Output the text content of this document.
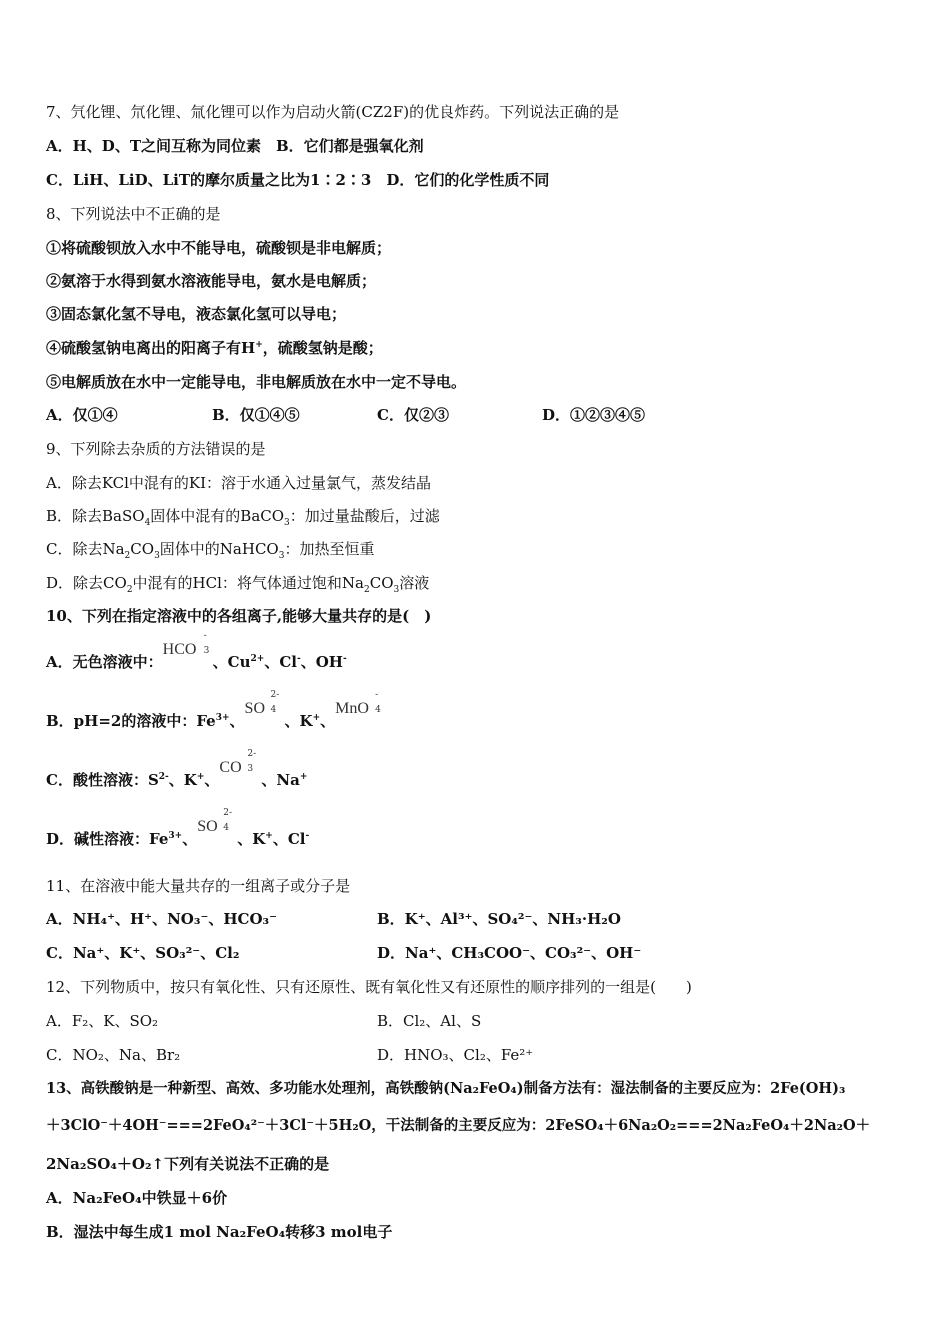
7、氕化锂、氘化锂、氚化锂可以作为启动火箭(CZ2F)的优良炸药。下列说法正确的是
A．H、D、T之间互称为同位素　B．它们都是强氧化剂
C．LiH、LiD、LiT的摩尔质量之比为1∶2∶3　D．它们的化学性质不同
8、下列说法中不正确的是
①将硫酸钡放入水中不能导电，硫酸钡是非电解质；
②氨溶于水得到氨水溶液能导电，氨水是电解质；
③固态氯化氢不导电，液态氯化氢可以导电；
④硫酸氢钠电离出的阳离子有H+，硫酸氢钠是酸；
⑤电解质放在水中一定能导电，非电解质放在水中一定不导电。
A．仅①④	B．仅①④⑤	C．仅②③	D．①②③④⑤
9、下列除去杂质的方法错误的是
A．除去KCl中混有的KI：溶于水通入过量氯气，蒸发结晶
B．除去BaSO$_4$固体中混有的BaCO$_3$：加过量盐酸后，过滤
C．除去$Na_2CO_3$固体中的NaHCO$_3$：加热至恒重
D．除去$CO_2$中混有的HCl：将气体通过饱和$Na_2CO_3$溶液
10、下列在指定溶液中的各组离子,能够大量共存的是(　)
A．无色溶液中：
HCO 3
-
、$Cu^{2+}$、Cl-、OH-
B．pH=2的溶液中：$Fe^{3+}$、
SO 4
2-
、K+、
MnO 4
-
C．酸性溶液：$S^{2-}$、K+、
CO 3
2-
、Na+
D．碱性溶液：$Fe^{3+}$、
SO 4
2-
、K+、Cl-
11、在溶液中能大量共存的一组离子或分子是
A．NH₄⁺、H⁺、NO₃⁻、HCO₃⁻	B．K⁺、Al³⁺、SO₄²⁻、NH₃·H₂O
C．Na⁺、K⁺、SO₃²⁻、Cl₂	D．Na⁺、CH₃COO⁻、CO₃²⁻、OH⁻
12、下列物质中，按只有氧化性、只有还原性、既有氧化性又有还原性的顺序排列的一组是(　　)
A．F₂、K、SO₂	B．Cl₂、Al、S
C．NO₂、Na、Br₂	D．HNO₃、Cl₂、Fe²⁺
13、高铁酸钠是一种新型、高效、多功能水处理剂，高铁酸钠(Na₂FeO₄)制备方法有：湿法制备的主要反应为：2Fe(OH)₃
＋3ClO⁻＋4OH⁻===2FeO₄²⁻＋3Cl⁻＋5H₂O，干法制备的主要反应为：2FeSO₄＋6Na₂O₂===2Na₂FeO₄＋2Na₂O＋
2Na₂SO₄＋O₂↑下列有关说法不正确的是
A．Na₂FeO₄中铁显＋6价
B．湿法中每生成1 mol Na₂FeO₄转移3 mol电子
